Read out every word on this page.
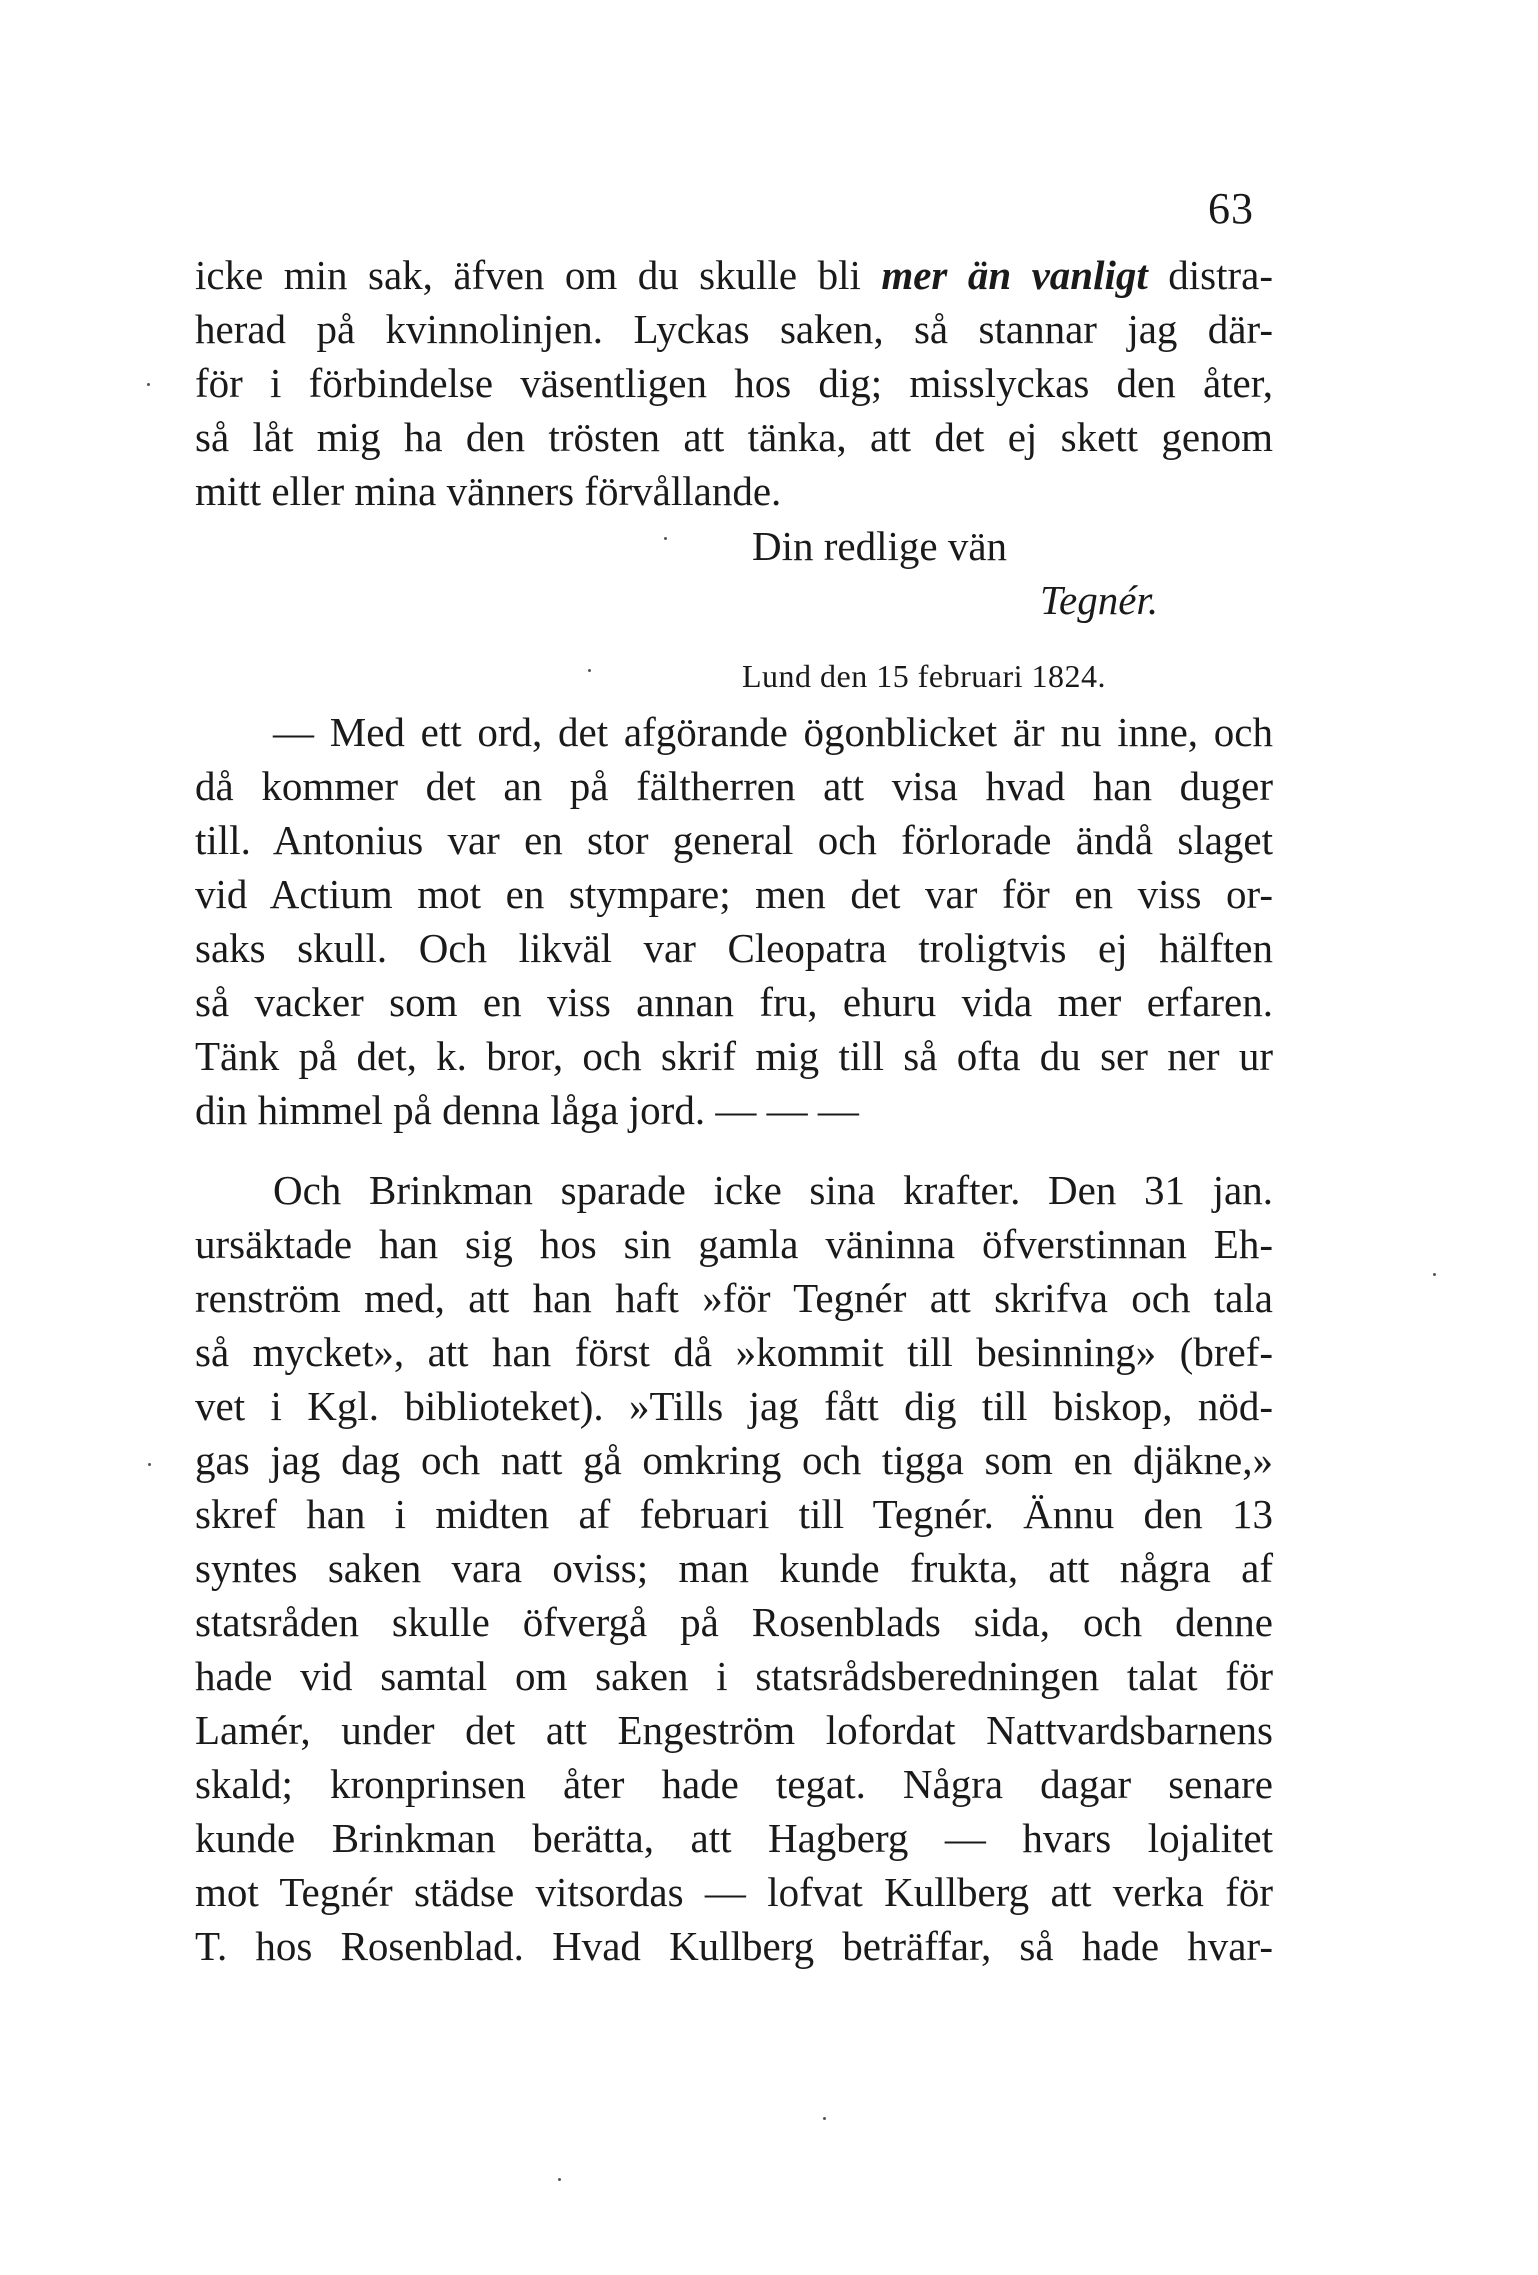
63
icke min sak, äfven om du skulle bli mer än vanligt distra-
herad på kvinnolinjen. Lyckas saken, så stannar jag där-
för i förbindelse väsentligen hos dig; misslyckas den åter,
så låt mig ha den trösten att tänka, att det ej skett genom
mitt eller mina vänners förvållande.
Din redlige vän
Tegnér.
Lund den 15 februari 1824.
— Med ett ord, det afgörande ögonblicket är nu inne, och
då kommer det an på fältherren att visa hvad han duger
till. Antonius var en stor general och förlorade ändå slaget
vid Actium mot en stympare; men det var för en viss or-
saks skull. Och likväl var Cleopatra troligtvis ej hälften
så vacker som en viss annan fru, ehuru vida mer erfaren.
Tänk på det, k. bror, och skrif mig till så ofta du ser ner ur
din himmel på denna låga jord. — — —
Och Brinkman sparade icke sina krafter. Den 31 jan.
ursäktade han sig hos sin gamla väninna öfverstinnan Eh-
renström med, att han haft »för Tegnér att skrifva och tala
så mycket», att han först då »kommit till besinning» (bref-
vet i Kgl. biblioteket). »Tills jag fått dig till biskop, nöd-
gas jag dag och natt gå omkring och tigga som en djäkne,»
skref han i midten af februari till Tegnér. Ännu den 13
syntes saken vara oviss; man kunde frukta, att några af
statsråden skulle öfvergå på Rosenblads sida, och denne
hade vid samtal om saken i statsrådsberedningen talat för
Lamér, under det att Engeström lofordat Nattvardsbarnens
skald; kronprinsen åter hade tegat. Några dagar senare
kunde Brinkman berätta, att Hagberg — hvars lojalitet
mot Tegnér städse vitsordas — lofvat Kullberg att verka för
T. hos Rosenblad. Hvad Kullberg beträffar, så hade hvar-
